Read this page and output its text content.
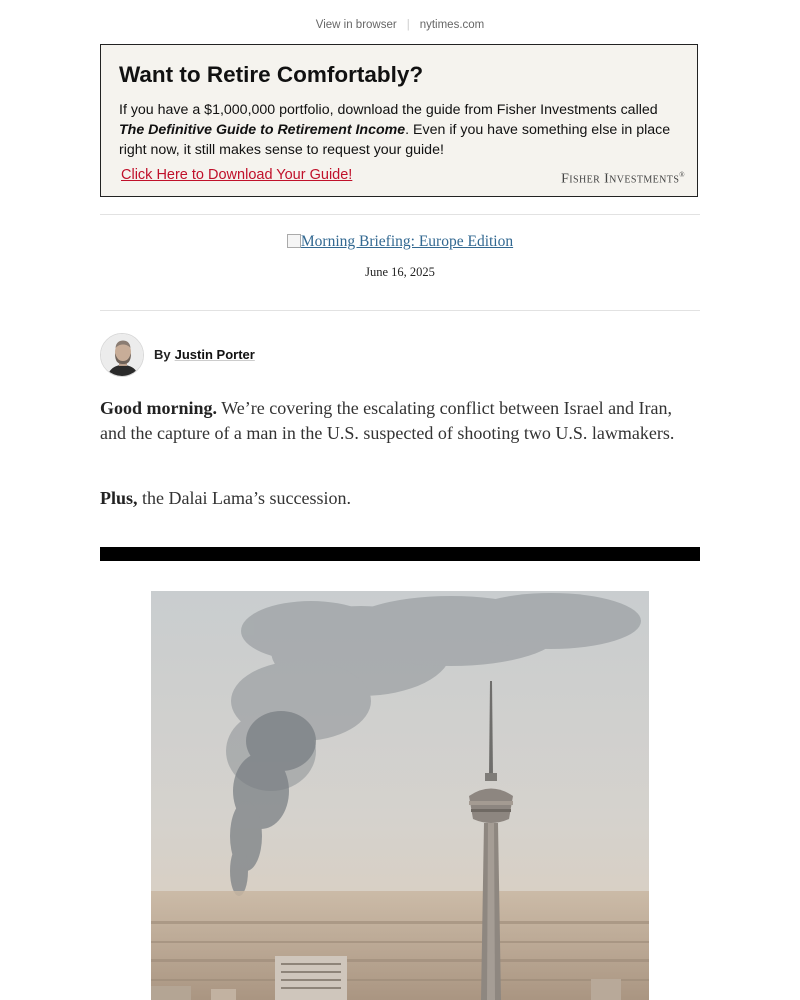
View in browser | nytimes.com
Want to Retire Comfortably?
If you have a $1,000,000 portfolio, download the guide from Fisher Investments called The Definitive Guide to Retirement Income. Even if you have something else in place right now, it still makes sense to request your guide!
Click Here to Download Your Guide!	Fisher Investments®
Morning Briefing: Europe Edition
June 16, 2025
By Justin Porter
Good morning. We’re covering the escalating conflict between Israel and Iran, and the capture of a man in the U.S. suspected of shooting two U.S. lawmakers.
Plus, the Dalai Lama’s succession.
